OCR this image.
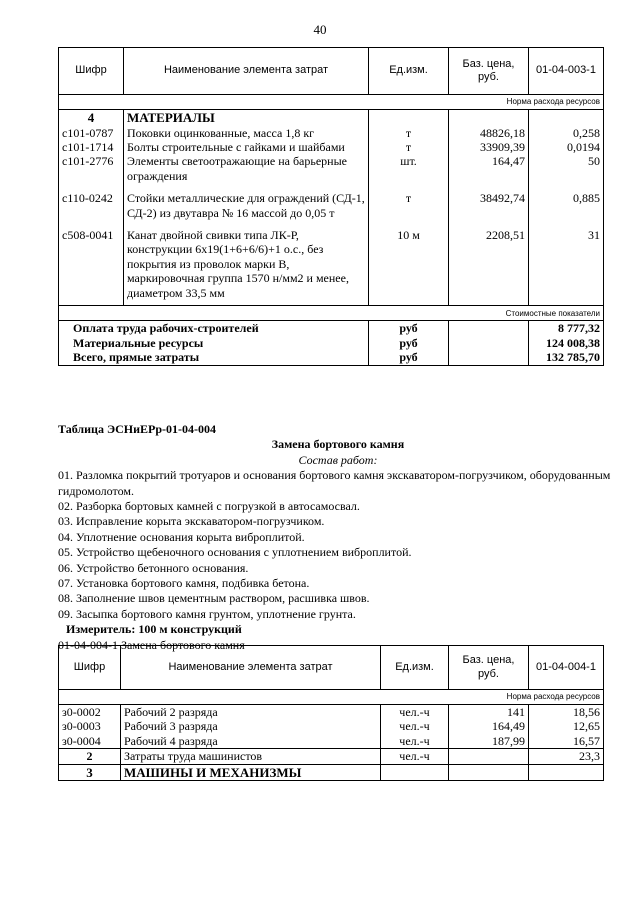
40
Шифр	Наименование элемента затрат	Ед.изм.	Баз. цена, руб.	01-04-003-1
Норма расхода ресурсов				
4	МАТЕРИАЛЫ			
с101-0787	Поковки оцинкованные, масса 1,8 кг	т	48826,18	0,258
с101-1714	Болты строительные с гайками и шайбами	т	33909,39	0,0194
с101-2776	Элементы светоотражающие на барьерные ограждения	шт.	164,47	50

с110-0242	Стойки металлические для ограждений (СД-1, СД-2) из двутавра № 16 массой до 0,05 т	т	38492,74	0,885

с508-0041	Канат двойной свивки типа ЛК-Р, конструкции 6х19(1+6+6/6)+1 о.с., без покрытия из проволок марки В, маркировочная группа 1570 н/мм2 и менее, диаметром 33,5 мм	10 м	2208,51	31

Стоимостные показатели				
Оплата труда рабочих-строителей		руб		8 777,32
Материальные ресурсы		руб		124 008,38
Всего, прямые затраты		руб		132 785,70
Таблица ЭСНиЕРр-01-04-004
Замена бортового камня
Состав работ:
01. Разломка покрытий тротуаров и основания бортового камня экскаватором-погрузчиком, оборудованным гидромолотом.
02. Разборка бортовых камней с погрузкой в автосамосвал.
03. Исправление корыта экскаватором-погрузчиком.
04. Уплотнение основания корыта виброплитой.
05. Устройство щебеночного основания с уплотнением виброплитой.
06. Устройство бетонного основания.
07. Установка бортового камня, подбивка бетона.
08. Заполнение швов цементным раствором, расшивка швов.
09. Засыпка бортового камня грунтом, уплотнение грунта.
Измеритель: 100 м конструкций
01-04-004-1 Замена бортового камня
Шифр	Наименование элемента затрат	Ед.изм.	Баз. цена, руб.	01-04-004-1
Норма расхода ресурсов				
з0-0002	Рабочий 2 разряда	чел.-ч	141	18,56
з0-0003	Рабочий 3 разряда	чел.-ч	164,49	12,65
з0-0004	Рабочий 4 разряда	чел.-ч	187,99	16,57
2	Затраты труда машинистов	чел.-ч		23,3
3	МАШИНЫ И МЕХАНИЗМЫ			
